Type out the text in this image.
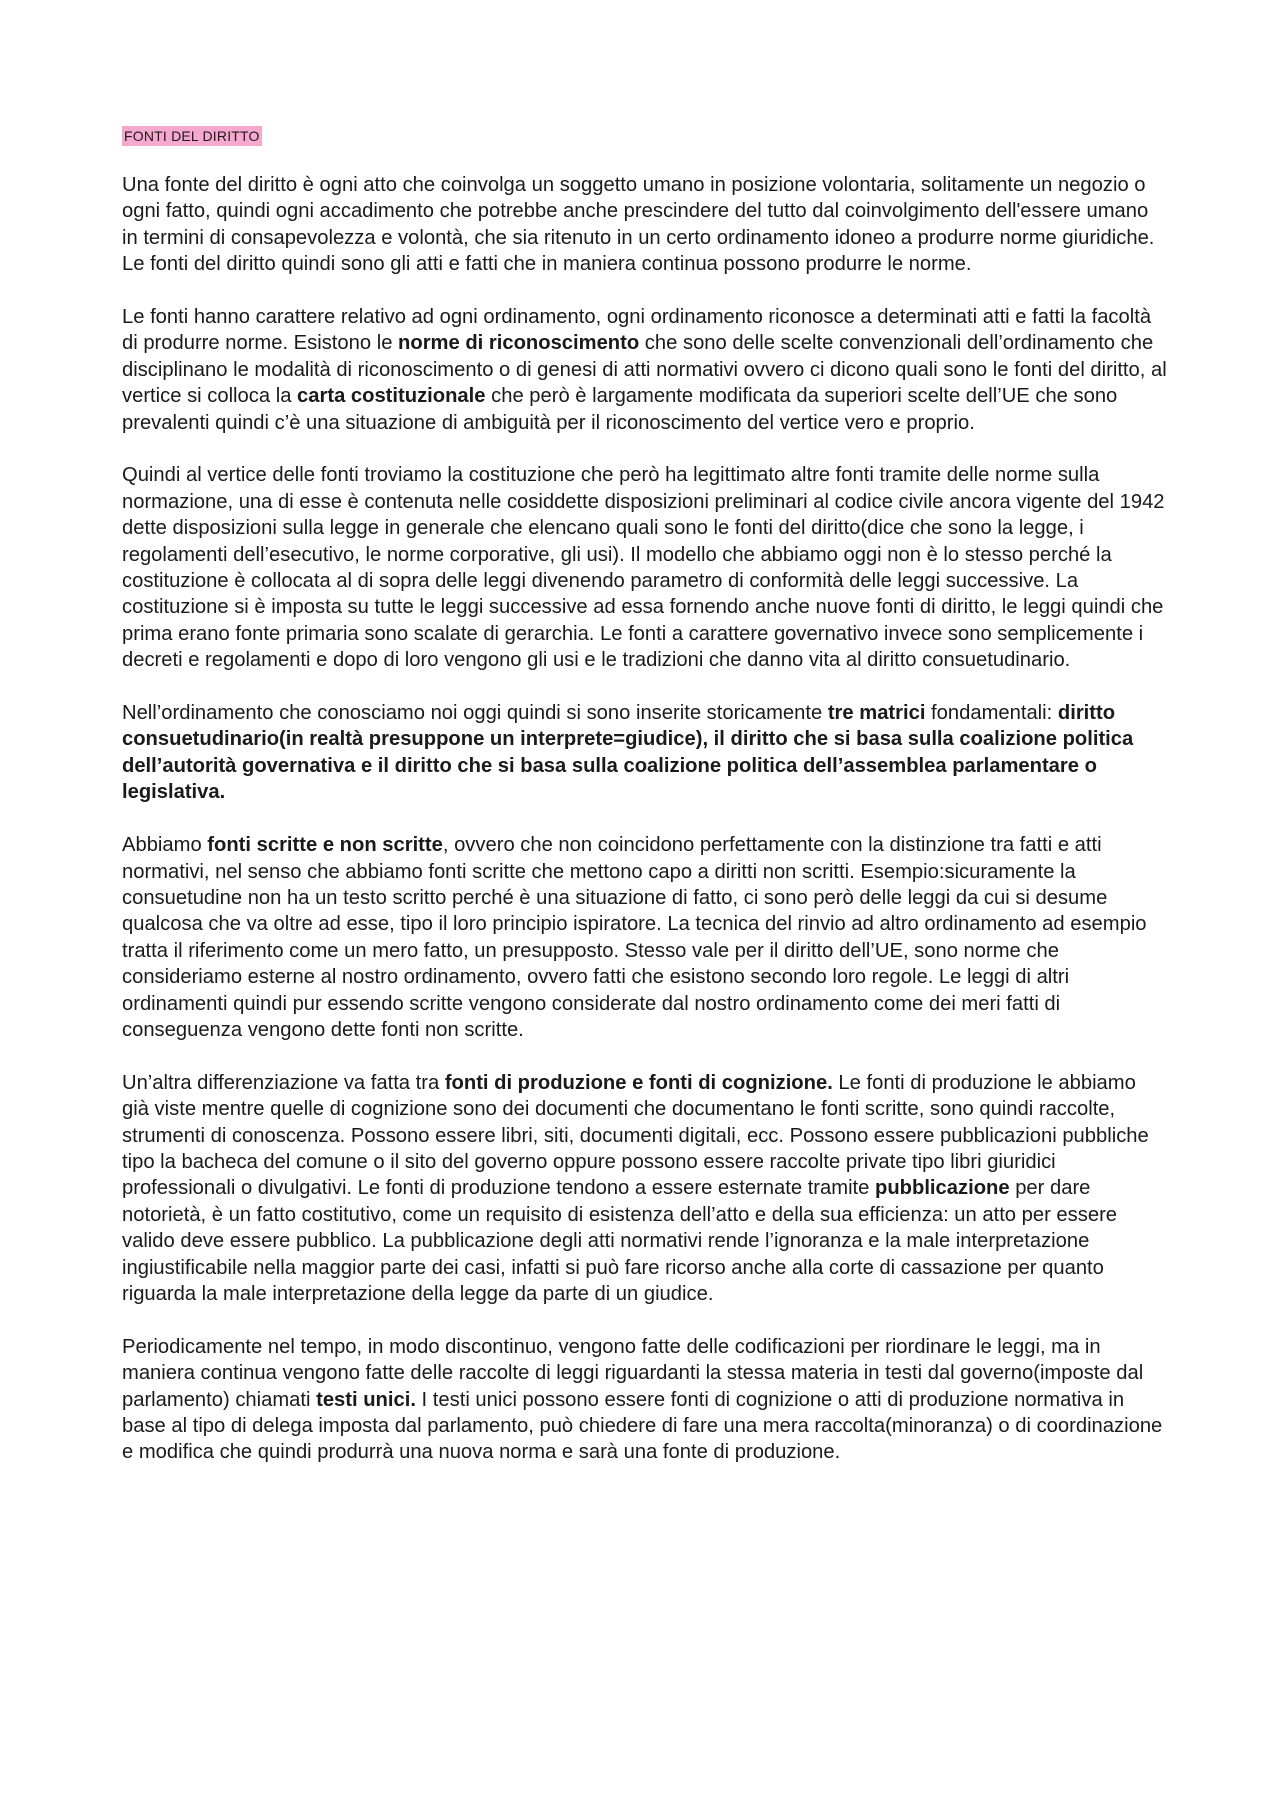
FONTI DEL DIRITTO

Una fonte del diritto è ogni atto che coinvolga un soggetto umano in posizione volontaria, solitamente un negozio o ogni fatto, quindi ogni accadimento che potrebbe anche prescindere del tutto dal coinvolgimento dell'essere umano in termini di consapevolezza e volontà, che sia ritenuto in un certo ordinamento idoneo a produrre norme giuridiche. Le fonti del diritto quindi sono gli atti e fatti che in maniera continua possono produrre le norme.

Le fonti hanno carattere relativo ad ogni ordinamento, ogni ordinamento riconosce a determinati atti e fatti la facoltà di produrre norme. Esistono le norme di riconoscimento che sono delle scelte convenzionali dell’ordinamento che disciplinano le modalità di riconoscimento o di genesi di atti normativi ovvero ci dicono quali sono le fonti del diritto, al vertice si colloca la carta costituzionale che però è largamente modificata da superiori scelte dell’UE che sono prevalenti quindi c’è una situazione di ambiguità per il riconoscimento del vertice vero e proprio.

Quindi al vertice delle fonti troviamo la costituzione che però ha legittimato altre fonti tramite delle norme sulla normazione, una di esse è contenuta nelle cosiddette disposizioni preliminari al codice civile ancora vigente del 1942 dette disposizioni sulla legge in generale che elencano quali sono le fonti del diritto(dice che sono la legge, i regolamenti dell’esecutivo, le norme corporative, gli usi). Il modello che abbiamo oggi non è lo stesso perché la costituzione è collocata al di sopra delle leggi divenendo parametro di conformità delle leggi successive. La costituzione si è imposta su tutte le leggi successive ad essa fornendo anche nuove fonti di diritto, le leggi quindi che prima erano fonte primaria sono scalate di gerarchia. Le fonti a carattere governativo invece sono semplicemente i decreti e regolamenti e dopo di loro vengono gli usi e le tradizioni che danno vita al diritto consuetudinario.

Nell’ordinamento che conosciamo noi oggi quindi si sono inserite storicamente tre matrici fondamentali: diritto consuetudinario(in realtà presuppone un interprete=giudice), il diritto che si basa sulla coalizione politica dell’autorità governativa e il diritto che si basa sulla coalizione politica dell’assemblea parlamentare o legislativa.

Abbiamo fonti scritte e non scritte, ovvero che non coincidono perfettamente con la distinzione tra fatti e atti normativi, nel senso che abbiamo fonti scritte che mettono capo a diritti non scritti. Esempio:sicuramente la consuetudine non ha un testo scritto perché è una situazione di fatto, ci sono però delle leggi da cui si desume qualcosa che va oltre ad esse, tipo il loro principio ispiratore. La tecnica del rinvio ad altro ordinamento ad esempio tratta il riferimento come un mero fatto, un presupposto. Stesso vale per il diritto dell’UE, sono norme che consideriamo esterne al nostro ordinamento, ovvero fatti che esistono secondo loro regole. Le leggi di altri ordinamenti quindi pur essendo scritte vengono considerate dal nostro ordinamento come dei meri fatti di conseguenza vengono dette fonti non scritte.

Un’altra differenziazione va fatta tra fonti di produzione e fonti di cognizione. Le fonti di produzione le abbiamo già viste mentre quelle di cognizione sono dei documenti che documentano le fonti scritte, sono quindi raccolte, strumenti di conoscenza. Possono essere libri, siti, documenti digitali, ecc. Possono essere pubblicazioni pubbliche tipo la bacheca del comune o il sito del governo oppure possono essere raccolte private tipo libri giuridici professionali o divulgativi. Le fonti di produzione tendono a essere esternate tramite pubblicazione per dare notorietà, è un fatto costitutivo, come un requisito di esistenza dell’atto e della sua efficienza: un atto per essere valido deve essere pubblico. La pubblicazione degli atti normativi rende l’ignoranza e la male interpretazione ingiustificabile nella maggior parte dei casi, infatti si può fare ricorso anche alla corte di cassazione per quanto riguarda la male interpretazione della legge da parte di un giudice.

Periodicamente nel tempo, in modo discontinuo, vengono fatte delle codificazioni per riordinare le leggi, ma in maniera continua vengono fatte delle raccolte di leggi riguardanti la stessa materia in testi dal governo(imposte dal parlamento) chiamati testi unici. I testi unici possono essere fonti di cognizione o atti di produzione normativa in base al tipo di delega imposta dal parlamento, può chiedere di fare una mera raccolta(minoranza) o di coordinazione e modifica che quindi produrrà una nuova norma e sarà una fonte di produzione.
